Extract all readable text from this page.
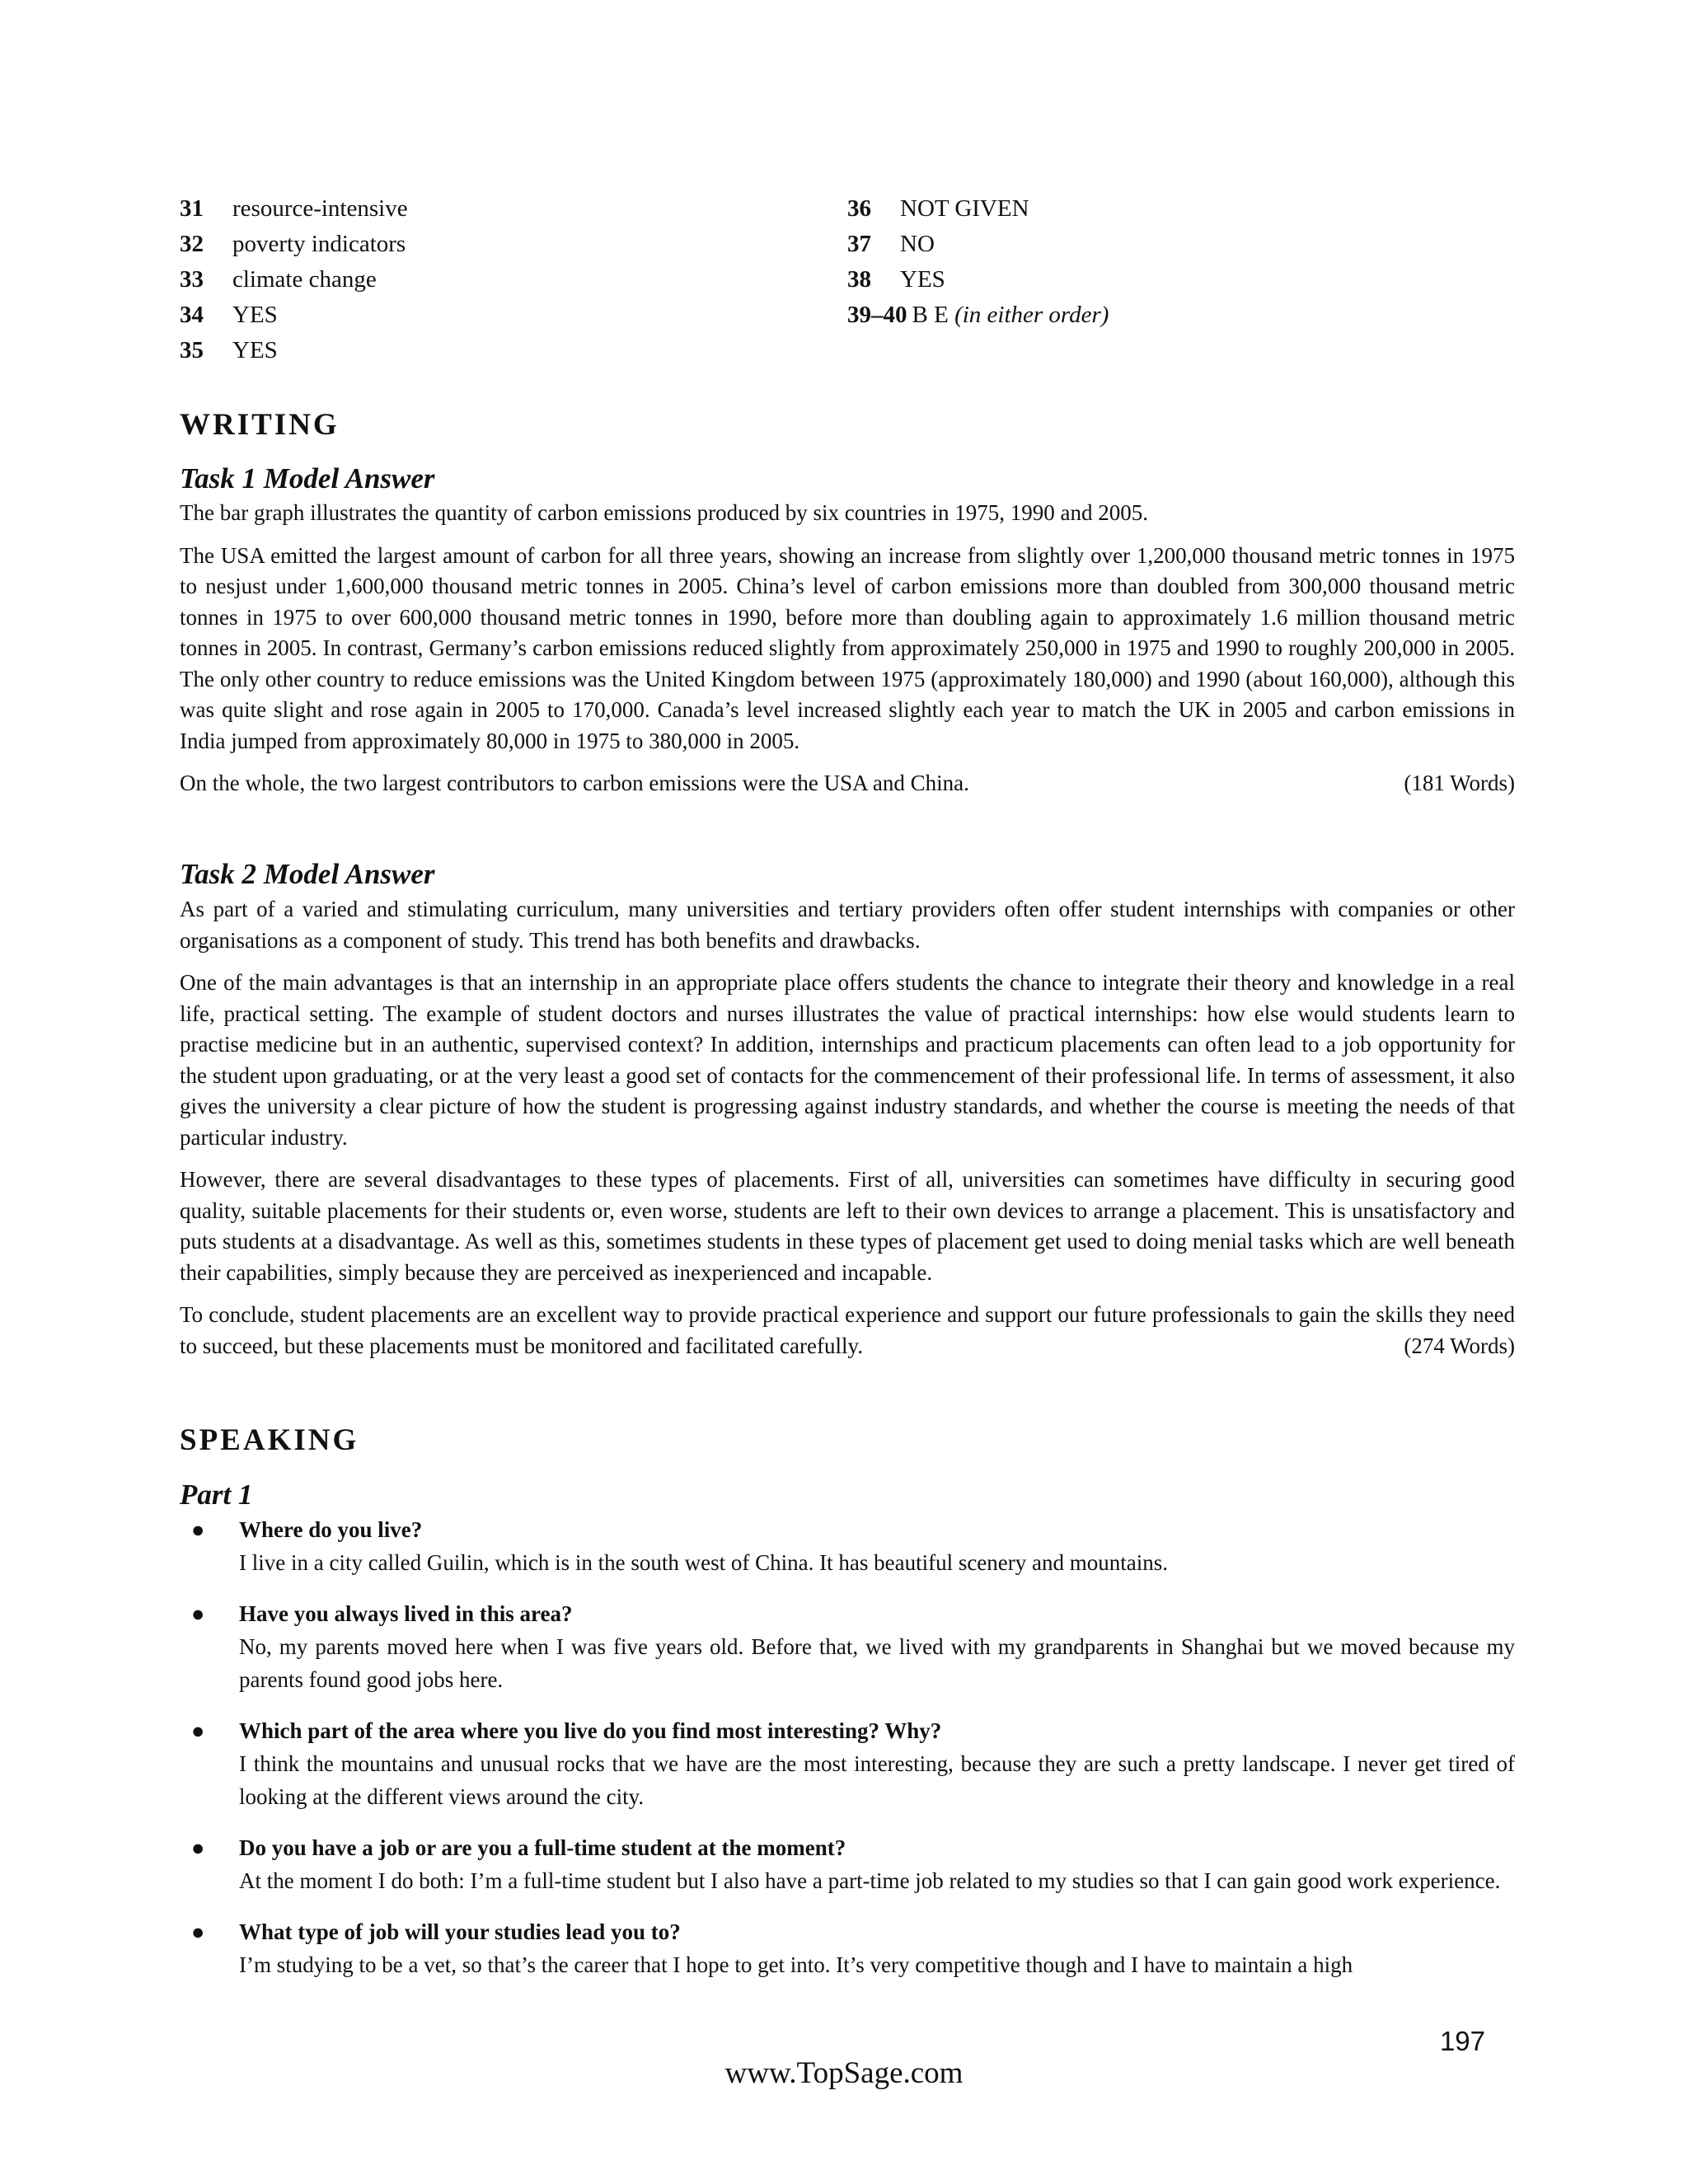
31 resource-intensive
32 poverty indicators
33 climate change
34 YES
35 YES
36 NOT GIVEN
37 NO
38 YES
39–40 B E (in either order)
WRITING
Task 1 Model Answer

The bar graph illustrates the quantity of carbon emissions produced by six countries in 1975, 1990 and 2005.

The USA emitted the largest amount of carbon for all three years, showing an increase from slightly over 1,200,000 thousand metric tonnes in 1975 to nesjust under 1,600,000 thousand metric tonnes in 2005. China’s level of carbon emissions more than doubled from 300,000 thousand metric tonnes in 1975 to over 600,000 thousand metric tonnes in 1990, before more than doubling again to approximately 1.6 million thousand metric tonnes in 2005. In contrast, Germany’s carbon emissions reduced slightly from approximately 250,000 in 1975 and 1990 to roughly 200,000 in 2005. The only other country to reduce emissions was the United Kingdom between 1975 (approximately 180,000) and 1990 (about 160,000), although this was quite slight and rose again in 2005 to 170,000. Canada’s level increased slightly each year to match the UK in 2005 and carbon emissions in India jumped from approximately 80,000 in 1975 to 380,000 in 2005.

On the whole, the two largest contributors to carbon emissions were the USA and China.	(181 Words)
Task 2 Model Answer

As part of a varied and stimulating curriculum, many universities and tertiary providers often offer student internships with companies or other organisations as a component of study. This trend has both benefits and drawbacks.

One of the main advantages is that an internship in an appropriate place offers students the chance to integrate their theory and knowledge in a real life, practical setting. The example of student doctors and nurses illustrates the value of practical internships: how else would students learn to practise medicine but in an authentic, supervised context? In addition, internships and practicum placements can often lead to a job opportunity for the student upon graduating, or at the very least a good set of contacts for the commencement of their professional life. In terms of assessment, it also gives the university a clear picture of how the student is progressing against industry standards, and whether the course is meeting the needs of that particular industry.

However, there are several disadvantages to these types of placements. First of all, universities can sometimes have difficulty in securing good quality, suitable placements for their students or, even worse, students are left to their own devices to arrange a placement. This is unsatisfactory and puts students at a disadvantage. As well as this, sometimes students in these types of placement get used to doing menial tasks which are well beneath their capabilities, simply because they are perceived as inexperienced and incapable.

To conclude, student placements are an excellent way to provide practical experience and support our future professionals to gain the skills they need to succeed, but these placements must be monitored and facilitated carefully.	(274 Words)

SPEAKING
Part 1
● Where do you live?
I live in a city called Guilin, which is in the south west of China. It has beautiful scenery and mountains.
● Have you always lived in this area?
No, my parents moved here when I was five years old. Before that, we lived with my grandparents in Shanghai but we moved because my parents found good jobs here.
● Which part of the area where you live do you find most interesting? Why?
I think the mountains and unusual rocks that we have are the most interesting, because they are such a pretty landscape. I never get tired of looking at the different views around the city.
● Do you have a job or are you a full-time student at the moment?
At the moment I do both: I’m a full-time student but I also have a part-time job related to my studies so that I can gain good work experience.
● What type of job will your studies lead you to?
I’m studying to be a vet, so that’s the career that I hope to get into. It’s very competitive though and I have to maintain a high
197
www.TopSage.com
